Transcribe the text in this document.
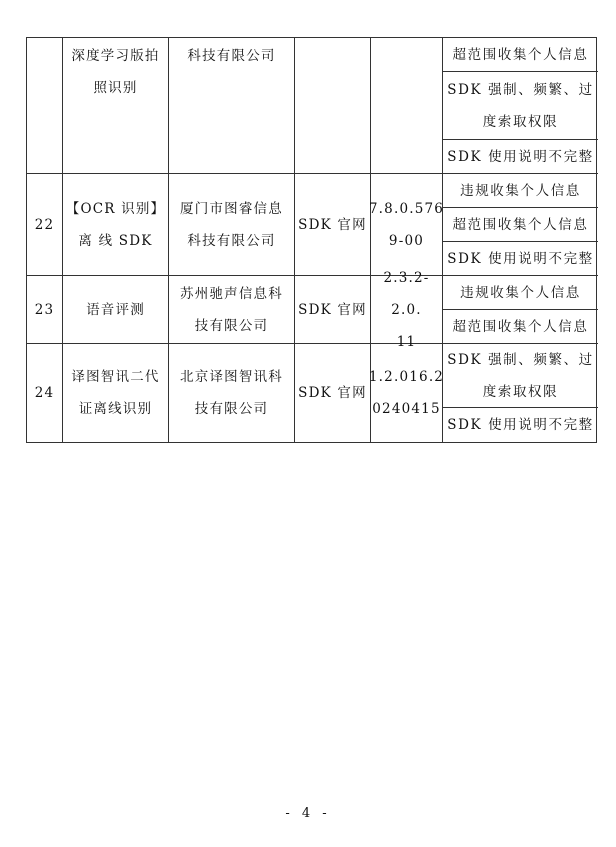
深度学习版拍
照识别
科技有限公司	超范围收集个人信息
SDK 强制、频繁、过
度索取权限
SDK 使用说明不完整
22
【OCR 识别】
离 线 SDK
厦门市图睿信息
科技有限公司
SDK 官网
7.8.0.576
9-00
违规收集个人信息
超范围收集个人信息
SDK 使用说明不完整
23 语音评测
苏州驰声信息科
技有限公司
SDK 官网
2.3.2-2.0.
11
违规收集个人信息
超范围收集个人信息
24
译图智讯二代
证离线识别
北京译图智讯科
技有限公司
SDK 官网
1.2.016.2
0240415
SDK 强制、频繁、过
度索取权限
SDK 使用说明不完整
- 4 -
